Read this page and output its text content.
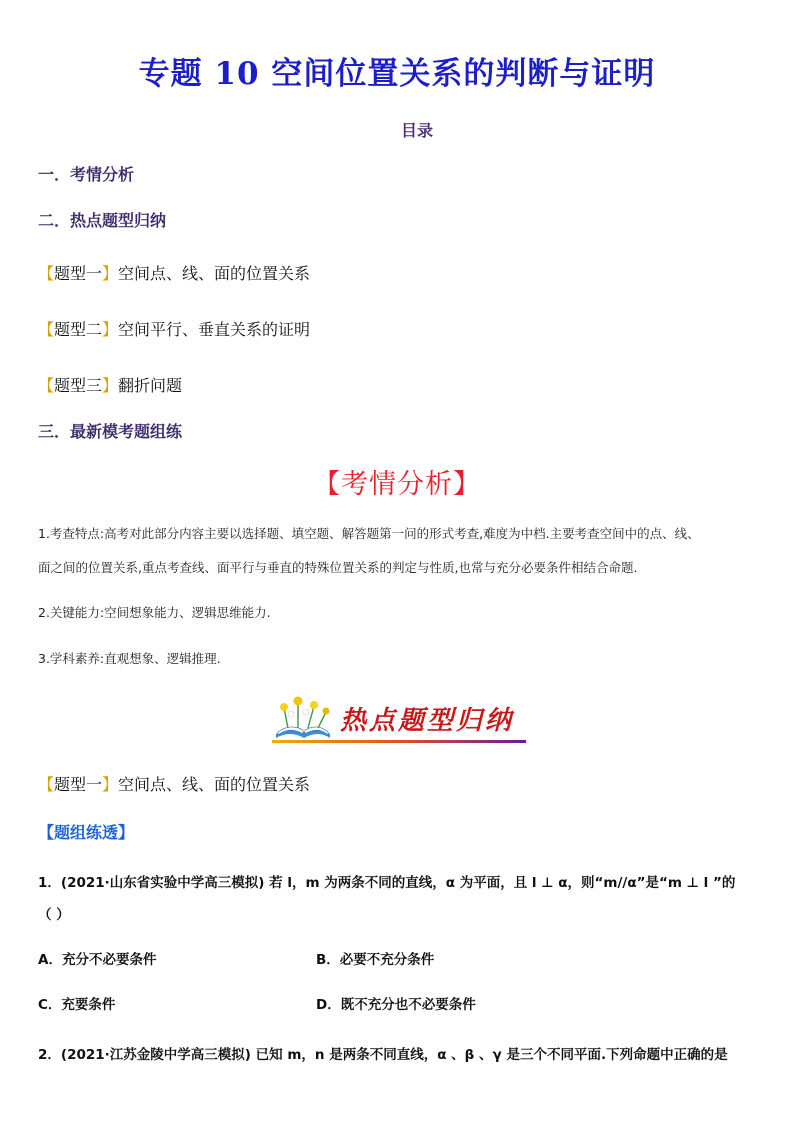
专题 10 空间位置关系的判断与证明
目录
一．考情分析
二．热点题型归纳
【题型一】空间点、线、面的位置关系
【题型二】空间平行、垂直关系的证明
【题型三】翻折问题
三．最新模考题组练
【考情分析】
1.考查特点:高考对此部分内容主要以选择题、填空题、解答题第一问的形式考查,难度为中档.主要考查空间中的点、线、
面之间的位置关系,重点考查线、面平行与垂直的特殊位置关系的判定与性质,也常与充分必要条件相结合命题.
2.关键能力:空间想象能力、逻辑思维能力.
3.学科素养:直观想象、逻辑推理.
热点题型归纳
【题型一】空间点、线、面的位置关系
【题组练透】
1．(2021·山东省实验中学高三模拟) 若 l，m 为两条不同的直线，α 为平面，且 l ⊥ α，则“m//α”是“m ⊥ l ”的
（ ）
A．充分不必要条件	B．必要不充分条件
C．充要条件	D．既不充分也不必要条件
2．(2021·江苏金陵中学高三模拟) 已知 m，n 是两条不同直线，α 、β 、γ 是三个不同平面.下列命题中正确的是
